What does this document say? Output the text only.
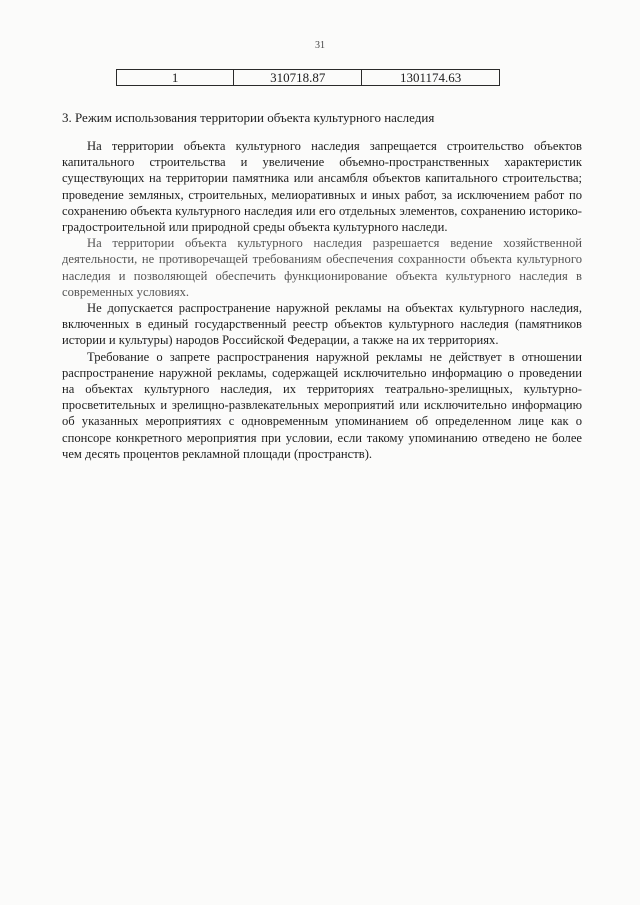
31
1	310718.87	1301174.63
3. Режим использования территории объекта культурного наследия

На территории объекта культурного наследия запрещается строительство объектов капитального строительства и увеличение объемно-пространственных характеристик существующих на территории памятника или ансамбля объектов капитального строительства; проведение земляных, строительных, мелиоративных и иных работ, за исключением работ по сохранению объекта культурного наследия или его отдельных элементов, сохранению историко-градостроительной или природной среды объекта культурного наследи.

На территории объекта культурного наследия разрешается ведение хозяйственной деятельности, не противоречащей требованиям обеспечения сохранности объекта культурного наследия и позволяющей обеспечить функционирование объекта культурного наследия в современных условиях.

Не допускается распространение наружной рекламы на объектах культурного наследия, включенных в единый государственный реестр объектов культурного наследия (памятников истории и культуры) народов Российской Федерации, а также на их территориях.

Требование о запрете распространения наружной рекламы не действует в отношении распространение наружной рекламы, содержащей исключительно информацию о проведении на объектах культурного наследия, их территориях театрально-зрелищных, культурно-просветительных и зрелищно-развлекательных мероприятий или исключительно информацию об указанных мероприятиях с одновременным упоминанием об определенном лице как о спонсоре конкретного мероприятия при условии, если такому упоминанию отведено не более чем десять процентов рекламной площади (пространств).
